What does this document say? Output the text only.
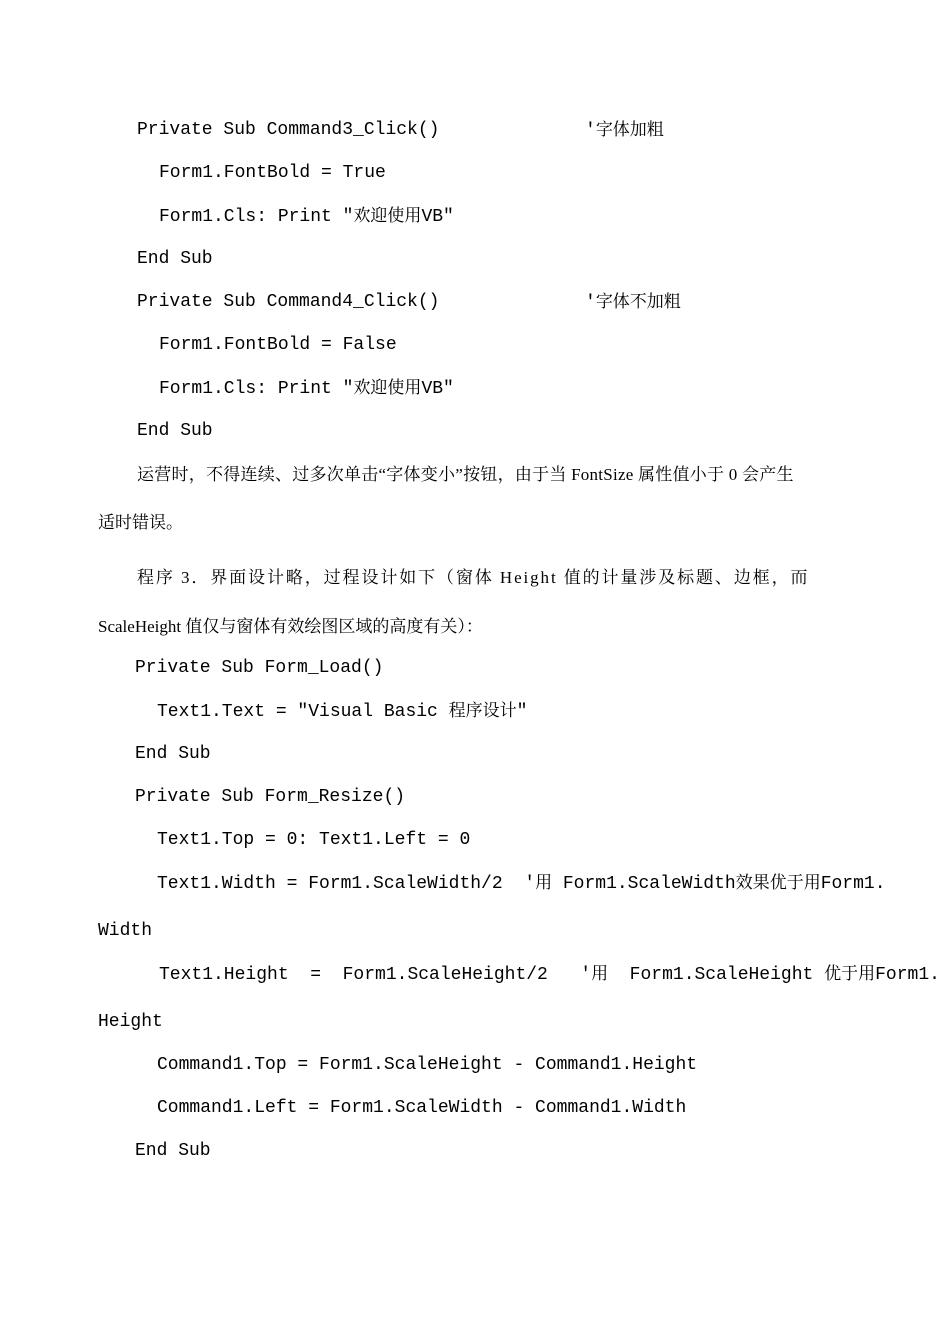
Private Sub Command3_Click()	'字体加粗
Form1.FontBold = True
Form1.Cls: Print "欢迎使用VB"
End Sub
Private Sub Command4_Click()	'字体不加粗
Form1.FontBold = False
Form1.Cls: Print "欢迎使用VB"
End Sub
运营时，不得连续、过多次单击“字体变小”按钮，由于当 FontSize 属性值小于 0 会产生
适时错误。
程序 3．界面设计略，过程设计如下（窗体 Height 值的计量涉及标题、边框，而
ScaleHeight 值仅与窗体有效绘图区域的高度有关）：
Private Sub Form_Load()
Text1.Text = "Visual Basic 程序设计"
End Sub
Private Sub Form_Resize()
Text1.Top = 0: Text1.Left = 0
Text1.Width = Form1.ScaleWidth/2  '用 Form1.ScaleWidth效果优于用Form1.
Width
Text1.Height  =  Form1.ScaleHeight/2   '用  Form1.ScaleHeight 优于用Form1.
Height
Command1.Top = Form1.ScaleHeight - Command1.Height
Command1.Left = Form1.ScaleWidth - Command1.Width
End Sub
